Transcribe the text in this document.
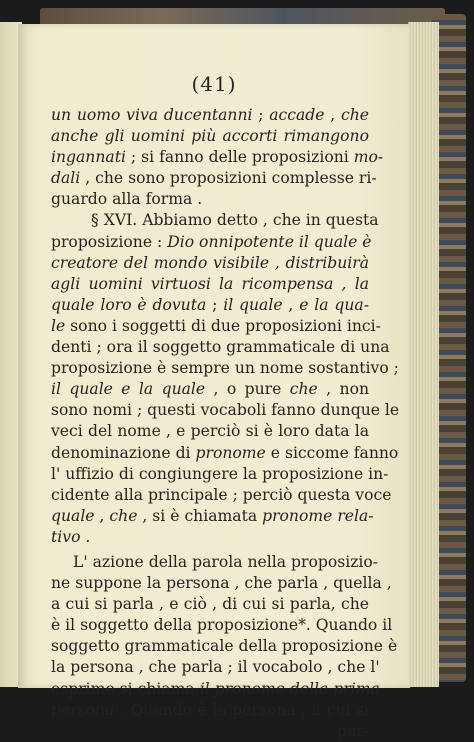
(41)
un uomo viva ducentanni ; accade , che
anche gli uomini più accorti rimangono
ingannati ; si fanno delle proposizioni mo-
dali , che sono proposizioni complesse ri-
guardo alla forma .
§ XVI. Abbiamo detto , che in questa
proposizione : Dio onnipotente il quale è
creatore del mondo visibile , distribuirà
agli uomini virtuosi la ricompensa , la
quale loro è dovuta ; il quale , e la qua-
le sono i soggetti di due proposizioni inci-
denti ; ora il soggetto grammaticale di una
proposizione è sempre un nome sostantivo ;
il quale e la quale , o pure che , non
sono nomi ; questi vocaboli fanno dunque le
veci del nome , e perciò si è loro data la
denominazione di pronome e siccome fanno
l' uffizio di congiungere la proposizione in-
cidente alla principale ; perciò questa voce
quale , che , si è chiamata pronome rela-
tivo .
L' azione della parola nella proposizio-
ne suppone la persona , che parla , quella ,
a cui si parla , e ciò , di cui si parla, che
è il soggetto della proposizione*. Quando il
soggetto grammaticale della proposizione è
la persona , che parla ; il vocabolo , che l'
esprime si chiama il pronome della prima
persona . Quando è la persona , a cui si
par-
